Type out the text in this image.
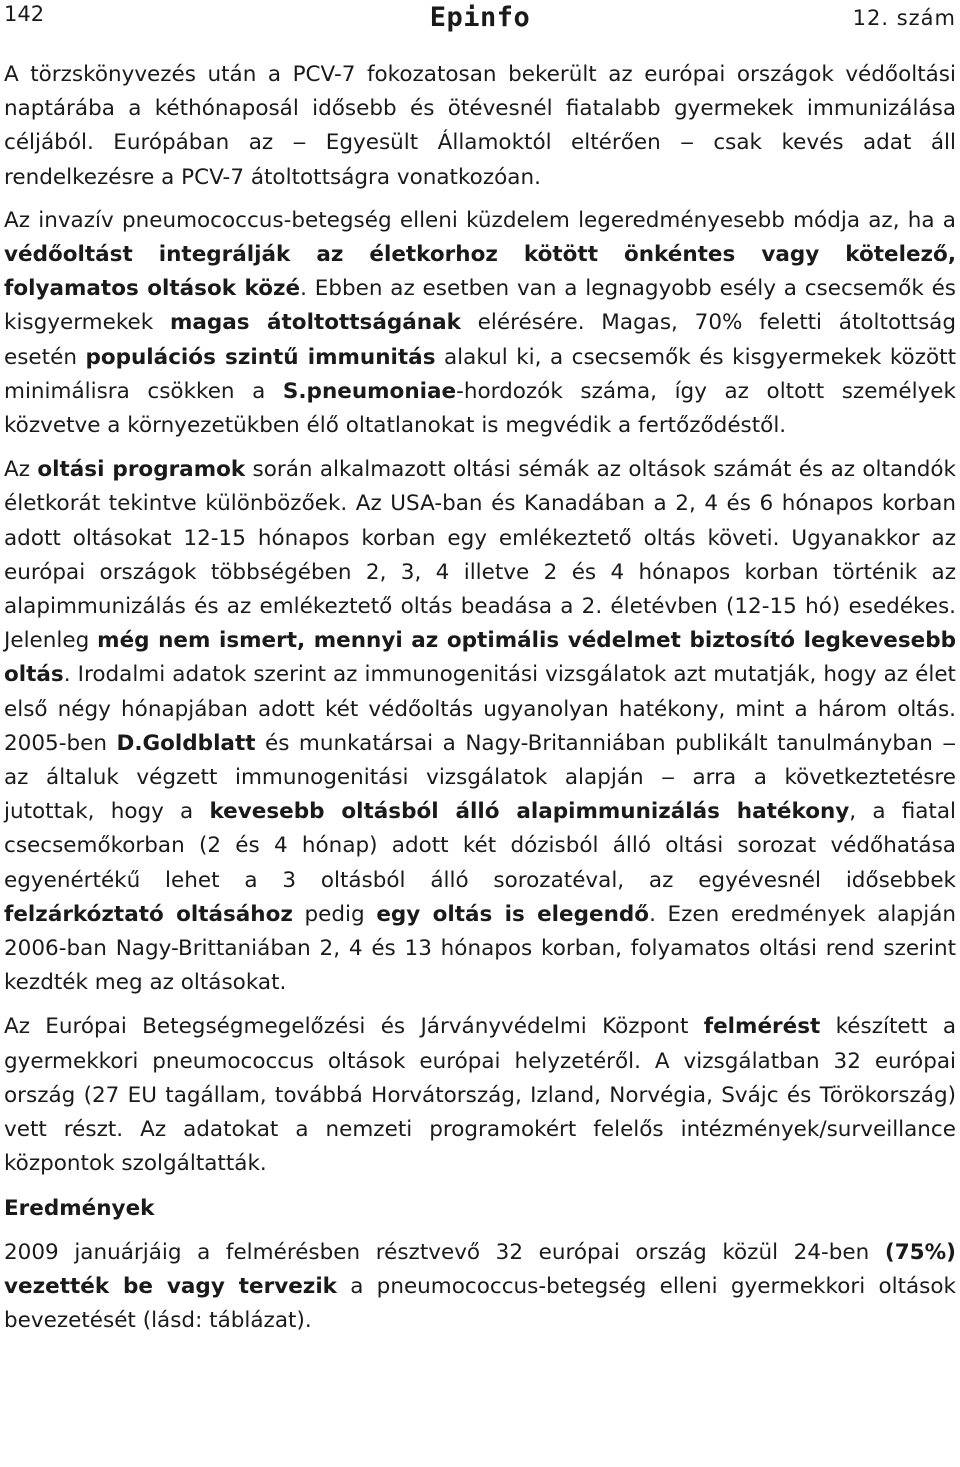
142	Epinfo	12. szám

A törzskönyvezés után a PCV-7 fokozatosan bekerült az európai országok védőoltási naptárába a kéthónaposál idősebb és ötévesnél fiatalabb gyermekek immunizálása céljából. Európában az ‒ Egyesült Államoktól eltérően ‒ csak kevés adat áll rendelkezésre a PCV-7 átoltottságra vonatkozóan.

Az invazív pneumococcus-betegség elleni küzdelem legeredményesebb módja az, ha a védőoltást integrálják az életkorhoz kötött önkéntes vagy kötelező, folyamatos oltások közé. Ebben az esetben van a legnagyobb esély a csecsemők és kisgyermekek magas átoltottságának elérésére. Magas, 70% feletti átoltottság esetén populációs szintű immunitás alakul ki, a csecsemők és kisgyermekek között minimálisra csökken a S.pneumoniae-hordozók száma, így az oltott személyek közvetve a környezetükben élő oltatlanokat is megvédik a fertőződéstől.

Az oltási programok során alkalmazott oltási sémák az oltások számát és az oltandók életkorát tekintve különbözőek. Az USA-ban és Kanadában a 2, 4 és 6 hónapos korban adott oltásokat 12-15 hónapos korban egy emlékeztető oltás követi. Ugyanakkor az európai országok többségében 2, 3, 4 illetve 2 és 4 hónapos korban történik az alapimmunizálás és az emlékeztető oltás beadása a 2. életévben (12-15 hó) esedékes. Jelenleg még nem ismert, mennyi az optimális védelmet biztosító legkevesebb oltás. Irodalmi adatok szerint az immunogenitási vizsgálatok azt mutatják, hogy az élet első négy hónapjában adott két védőoltás ugyanolyan hatékony, mint a három oltás. 2005-ben D.Goldblatt és munkatársai a Nagy-Britanniában publikált tanulmányban ‒ az általuk végzett immunogenitási vizsgálatok alapján ‒ arra a következtetésre jutottak, hogy a kevesebb oltásból álló alapimmunizálás hatékony, a fiatal csecsemőkorban (2 és 4 hónap) adott két dózisból álló oltási sorozat védőhatása egyenértékű lehet a 3 oltásból álló sorozatéval, az egyévesnél idősebbek felzárkóztató oltásához pedig egy oltás is elegendő. Ezen eredmények alapján 2006-ban Nagy-Brittaniában 2, 4 és 13 hónapos korban, folyamatos oltási rend szerint kezdték meg az oltásokat.

Az Európai Betegségmegelőzési és Járványvédelmi Központ felmérést készített a gyermekkori pneumococcus oltások európai helyzetéről. A vizsgálatban 32 európai ország (27 EU tagállam, továbbá Horvátország, Izland, Norvégia, Svájc és Törökország) vett részt. Az adatokat a nemzeti programokért felelős intézmények/surveillance központok szolgáltatták.

Eredmények

2009 januárjáig a felmérésben résztvevő 32 európai ország közül 24-ben (75%) vezették be vagy tervezik a pneumococcus-betegség elleni gyermekkori oltások bevezetését (lásd: táblázat).
